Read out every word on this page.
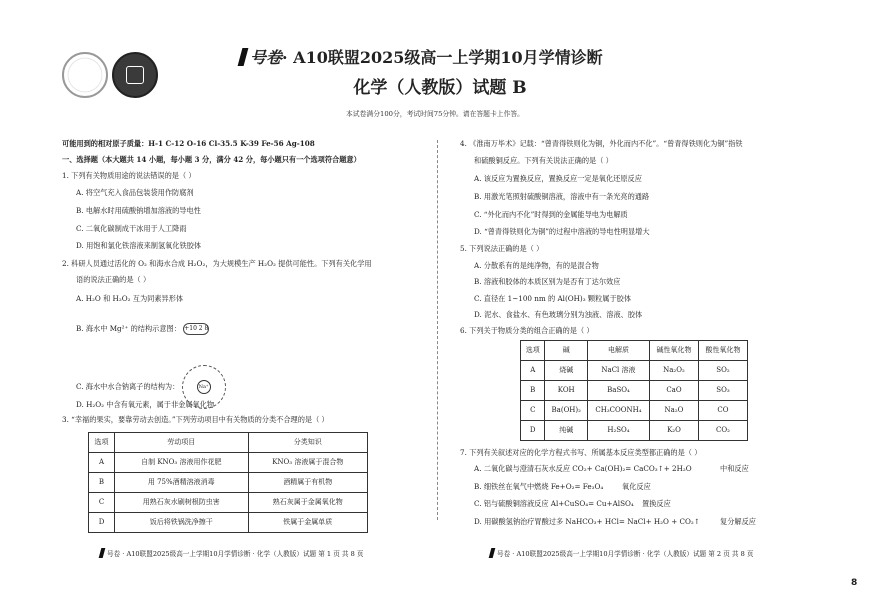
号卷· A10联盟2025级高一上学期10月学情诊断
化学（人教版）试题 B
本试卷满分100分，考试时间75分钟。请在答题卡上作答。
可能用到的相对原子质量：H-1 C-12 O-16 Cl-35.5 K-39 Fe-56 Ag-108
一、选择题（本大题共 14 小题，每小题 3 分，满分 42 分，每小题只有一个选项符合题意）
1. 下列有关物质用途的说法错误的是（ ）
A. 将空气充入食品包装袋用作防腐剂
B. 电解水时用硫酸钠增加溶液的导电性
C. 二氧化碳制成干冰用于人工降雨
D. 用饱和氯化铁溶液来制氢氧化铁胶体
2. 科研人员通过活化的 O₂ 和海水合成 H₂O₂，为大规模生产 H₂O₂ 提供可能性。下列有关化学用
语的说法正确的是（ ）
A. H₂O 和 H₂O₂ 互为同素异形体
B. 海水中 Mg²⁺ 的结构示意图： +10 2 8
C. 海水中水合钠离子的结构为：	Na⁺
D. H₂O₂ 中含有氧元素，属于非金属氧化物
3. “幸福的果实，要靠劳动去创造。”下列劳动项目中有关物质的分类不合理的是（ ）
选项	劳动项目	分类知识
A	自制 KNO₃ 溶液用作花肥	KNO₃ 溶液属于混合物
B	用 75%酒精溶液消毒	酒精属于有机物
C	用熟石灰水刷树根防虫害	熟石灰属于金属氧化物
D	饭后将铁锅洗净擦干	铁属于金属单质
号卷 · A10联盟2025级高一上学期10月学情诊断 · 化学（人教版）试题 第 1 页 共 8 页
4. 《淮南万毕术》记载：“曾青得铁则化为铜，外化而内不化”。“曾青得铁则化为铜”指铁
和硫酸铜反应。下列有关说法正确的是（ ）
A. 该反应为置换反应，置换反应一定是氧化还原反应
B. 用激光笔照射硫酸铜溶液，溶液中有一条光亮的通路
C. “外化而内不化”时得到的金属能导电为电解质
D. “曾青得铁则化为铜”的过程中溶液的导电性明显增大
5. 下列说法正确的是（ ）
A. 分散系有的是纯净物，有的是混合物
B. 溶液和胶体的本质区别为是否有丁达尔效应
C. 直径在 1~100 nm 的 Al(OH)₃ 颗粒属于胶体
D. 泥水、食盐水、有色玻璃分别为浊液、溶液、胶体
6. 下列关于物质分类的组合正确的是（ ）
选项	碱	电解质	碱性氧化物	酸性氧化物
A	烧碱	NaCl 溶液	Na₂O₂	SO₂
B	KOH	BaSO₄	CaO	SO₃
C	Ba(OH)₂	CH₃COONH₄	Na₂O	CO
D	纯碱	H₂SO₄	K₂O	CO₂
7. 下列有关叙述对应的化学方程式书写、所属基本反应类型都正确的是（ ）
A. 二氧化碳与澄清石灰水反应 CO₂+ Ca(OH)₂= CaCO₃↑+ 2H₂O	中和反应
B. 细铁丝在氧气中燃烧 Fe+O₂= Fe₃O₄	氧化反应
C. 铝与硫酸铜溶液反应 Al+CuSO₄= Cu+AlSO₄ 置换反应
D. 用碳酸氢钠治疗胃酸过多 NaHCO₃+ HCl= NaCl+ H₂O + CO₂↑	复分解反应
号卷 · A10联盟2025级高一上学期10月学情诊断 · 化学（人教版）试题 第 2 页 共 8 页
8
